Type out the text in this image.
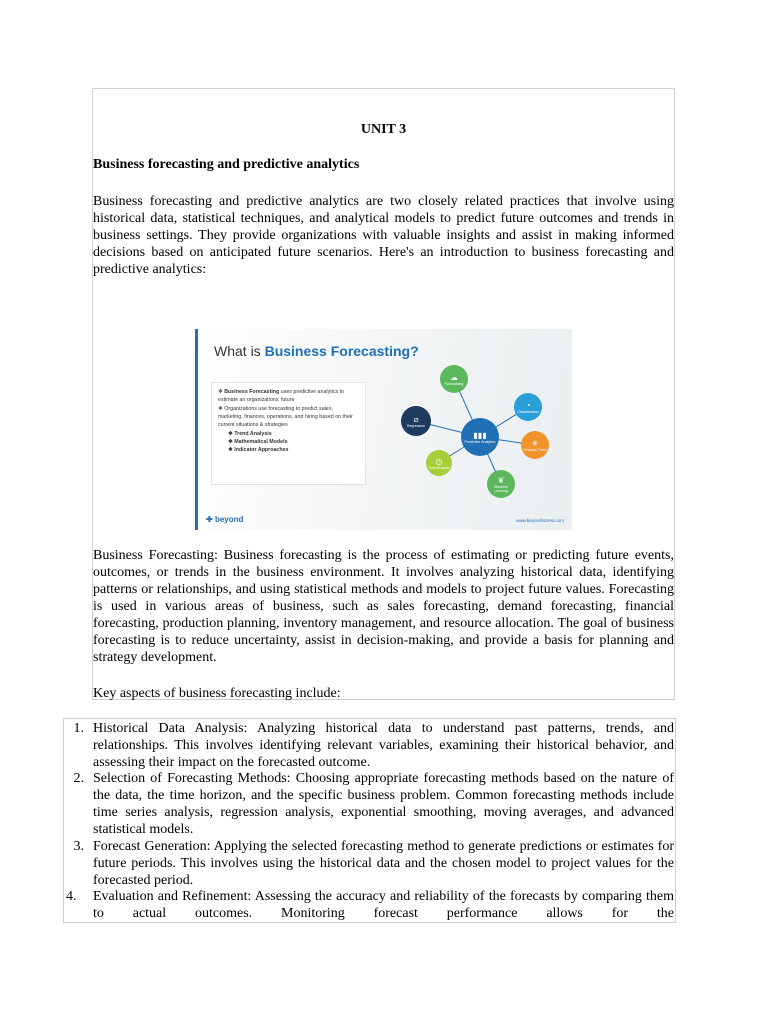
UNIT 3
Business forecasting and predictive analytics

Business forecasting and predictive analytics are two closely related practices that involve using historical data, statistical techniques, and analytical models to predict future outcomes and trends in business settings. They provide organizations with valuable insights and assist in making informed decisions based on anticipated future scenarios. Here's an introduction to business forecasting and predictive analytics:

What is Business Forecasting?
❖ Business Forecasting uses predictive analytics to estimate an organizations' future
❖ Organizations use forecasting to predict sales, marketing, finances, operations, and hiring based on their current situations & strategies
❖ Trend Analysis
❖ Mathematical Models
❖ Indicator Approaches
▮▮▮
Predictive Analytics
☁
Forecasting
◔
Classification
✳
Decision Trees
❦
Machine Learning
◷
Time Analysis
⧄
Regression
✚ beyond	www.beyondtiszest.com

Business Forecasting: Business forecasting is the process of estimating or predicting future events, outcomes, or trends in the business environment. It involves analyzing historical data, identifying patterns or relationships, and using statistical methods and models to project future values. Forecasting is used in various areas of business, such as sales forecasting, demand forecasting, financial forecasting, production planning, inventory management, and resource allocation. The goal of business forecasting is to reduce uncertainty, assist in decision-making, and provide a basis for planning and strategy development.

Key aspects of business forecasting include:

1. Historical Data Analysis: Analyzing historical data to understand past patterns, trends, and relationships. This involves identifying relevant variables, examining their historical behavior, and assessing their impact on the forecasted outcome.

2. Selection of Forecasting Methods: Choosing appropriate forecasting methods based on the nature of the data, the time horizon, and the specific business problem. Common forecasting methods include time series analysis, regression analysis, exponential smoothing, moving averages, and advanced statistical models.

3. Forecast Generation: Applying the selected forecasting method to generate predictions or estimates for future periods. This involves using the historical data and the chosen model to project values for the forecasted period.

4.	Evaluation and Refinement: Assessing the accuracy and reliability of the forecasts by comparing them to actual outcomes. Monitoring forecast performance allows for the
